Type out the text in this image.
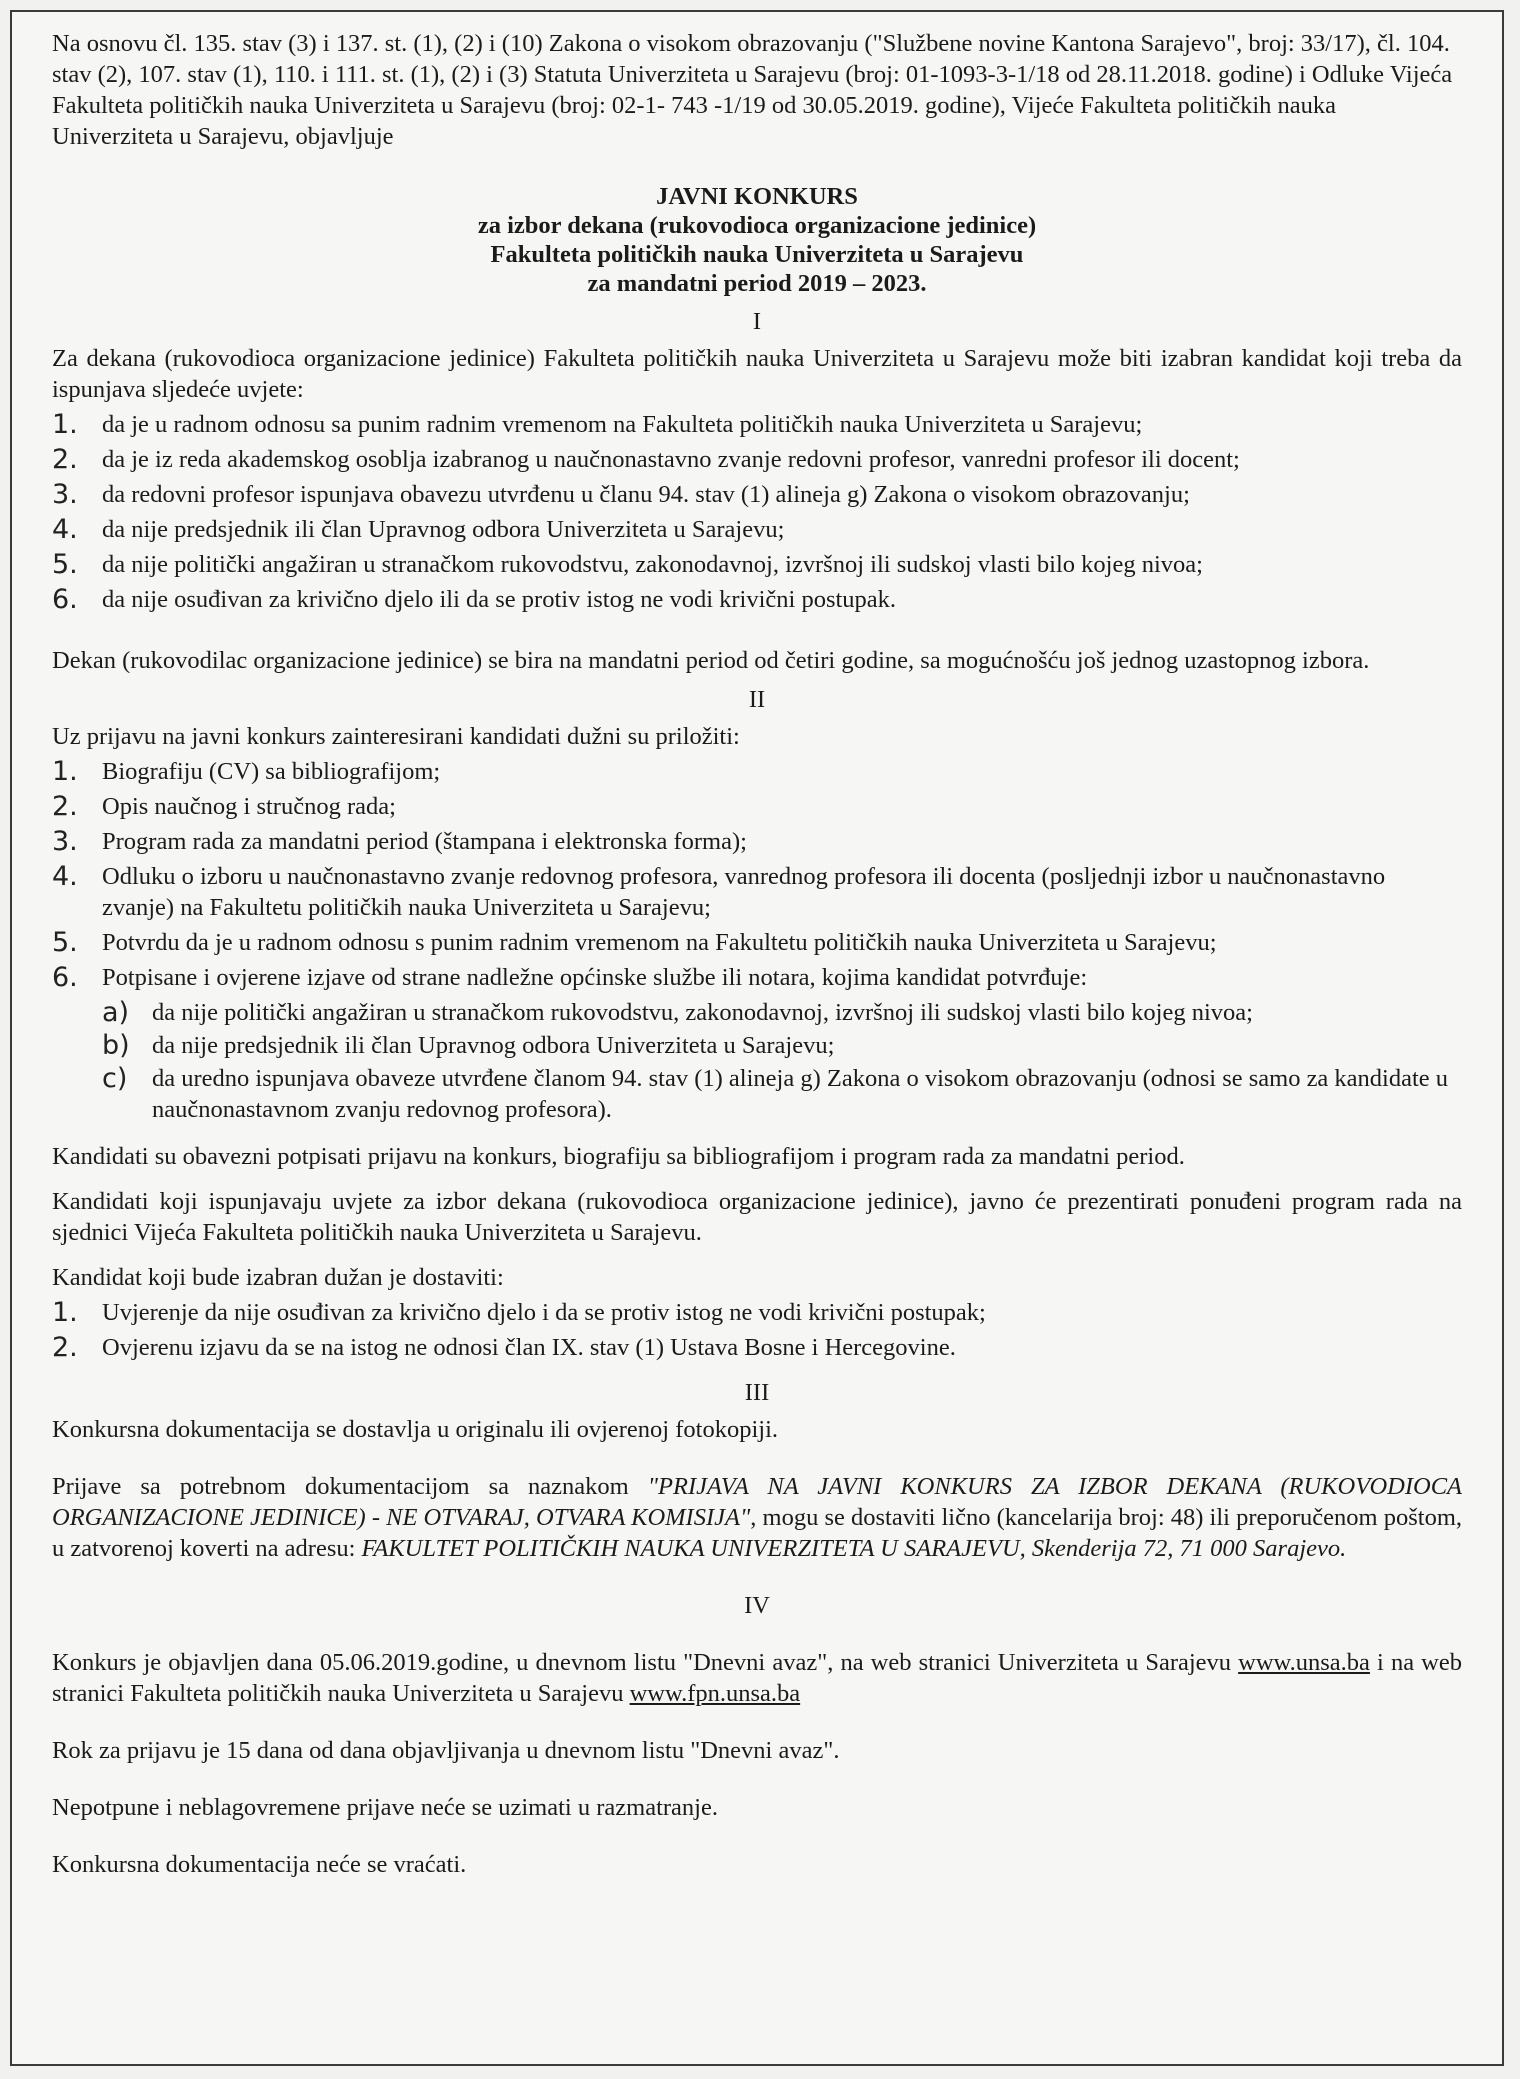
Na osnovu čl. 135. stav (3) i 137. st. (1), (2) i (10) Zakona o visokom obrazovanju ("Službene novine Kantona Sarajevo", broj: 33/17), čl. 104. stav (2), 107. stav (1), 110. i 111. st. (1), (2) i (3) Statuta Univerziteta u Sarajevu (broj: 01-1093-3-1/18 od 28.11.2018. godine) i Odluke Vijeća Fakulteta političkih nauka Univerziteta u Sarajevu (broj: 02-1- 743 -1/19 od 30.05.2019. godine), Vijeće Fakulteta političkih nauka Univerziteta u Sarajevu, objavljuje

JAVNI KONKURS
za izbor dekana (rukovodioca organizacione jedinice)
Fakulteta političkih nauka Univerziteta u Sarajevu
za mandatni period 2019 – 2023.
I

Za dekana (rukovodioca organizacione jedinice) Fakulteta političkih nauka Univerziteta u Sarajevu može biti izabran kandidat koji treba da ispunjava sljedeće uvjete:

1. da je u radnom odnosu sa punim radnim vremenom na Fakulteta političkih nauka Univerziteta u Sarajevu;
2. da je iz reda akademskog osoblja izabranog u naučnonastavno zvanje redovni profesor, vanredni profesor ili docent;
3. da redovni profesor ispunjava obavezu utvrđenu u članu 94. stav (1) alineja g) Zakona o visokom obrazovanju;
4. da nije predsjednik ili član Upravnog odbora Univerziteta u Sarajevu;
5. da nije politički angažiran u stranačkom rukovodstvu, zakonodavnoj, izvršnoj ili sudskoj vlasti bilo kojeg nivoa;
6. da nije osuđivan za krivično djelo ili da se protiv istog ne vodi krivični postupak.

Dekan (rukovodilac organizacione jedinice) se bira na mandatni period od četiri godine, sa mogućnošću još jednog uzastopnog izbora.

II

Uz prijavu na javni konkurs zainteresirani kandidati dužni su priložiti:

1. Biografiju (CV) sa bibliografijom;
2. Opis naučnog i stručnog rada;
3. Program rada za mandatni period (štampana i elektronska forma);
4. Odluku o izboru u naučnonastavno zvanje redovnog profesora, vanrednog profesora ili docenta (posljednji izbor u naučnonastavno zvanje) na Fakultetu političkih nauka Univerziteta u Sarajevu;
5. Potvrdu da je u radnom odnosu s punim radnim vremenom na Fakultetu političkih nauka Univerziteta u Sarajevu;
6. Potpisane i ovjerene izjave od strane nadležne općinske službe ili notara, kojima kandidat potvrđuje:
a) da nije politički angažiran u stranačkom rukovodstvu, zakonodavnoj, izvršnoj ili sudskoj vlasti bilo kojeg nivoa;
b) da nije predsjednik ili član Upravnog odbora Univerziteta u Sarajevu;
c) da uredno ispunjava obaveze utvrđene članom 94. stav (1) alineja g) Zakona o visokom obrazovanju (odnosi se samo za kandidate u naučnonastavnom zvanju redovnog profesora).

Kandidati su obavezni potpisati prijavu na konkurs, biografiju sa bibliografijom i program rada za mandatni period.

Kandidati koji ispunjavaju uvjete za izbor dekana (rukovodioca organizacione jedinice), javno će prezentirati ponuđeni program rada na sjednici Vijeća Fakulteta političkih nauka Univerziteta u Sarajevu.

Kandidat koji bude izabran dužan je dostaviti:

1. Uvjerenje da nije osuđivan za krivično djelo i da se protiv istog ne vodi krivični postupak;
2. Ovjerenu izjavu da se na istog ne odnosi član IX. stav (1) Ustava Bosne i Hercegovine.
III

Konkursna dokumentacija se dostavlja u originalu ili ovjerenoj fotokopiji.

Prijave sa potrebnom dokumentacijom sa naznakom "PRIJAVA NA JAVNI KONKURS ZA IZBOR DEKANA (RUKOVODIOCA ORGANIZACIONE JEDINICE) - NE OTVARAJ, OTVARA KOMISIJA", mogu se dostaviti lično (kancelarija broj: 48) ili preporučenom poštom, u zatvorenoj koverti na adresu: FAKULTET POLITIČKIH NAUKA UNIVERZITETA U SARAJEVU, Skenderija 72, 71 000 Sarajevo.

IV

Konkurs je objavljen dana 05.06.2019.godine, u dnevnom listu "Dnevni avaz", na web stranici Univerziteta u Sarajevu www.unsa.ba i na web stranici Fakulteta političkih nauka Univerziteta u Sarajevu www.fpn.unsa.ba

Rok za prijavu je 15 dana od dana objavljivanja u dnevnom listu "Dnevni avaz".

Nepotpune i neblagovremene prijave neće se uzimati u razmatranje.

Konkursna dokumentacija neće se vraćati.
